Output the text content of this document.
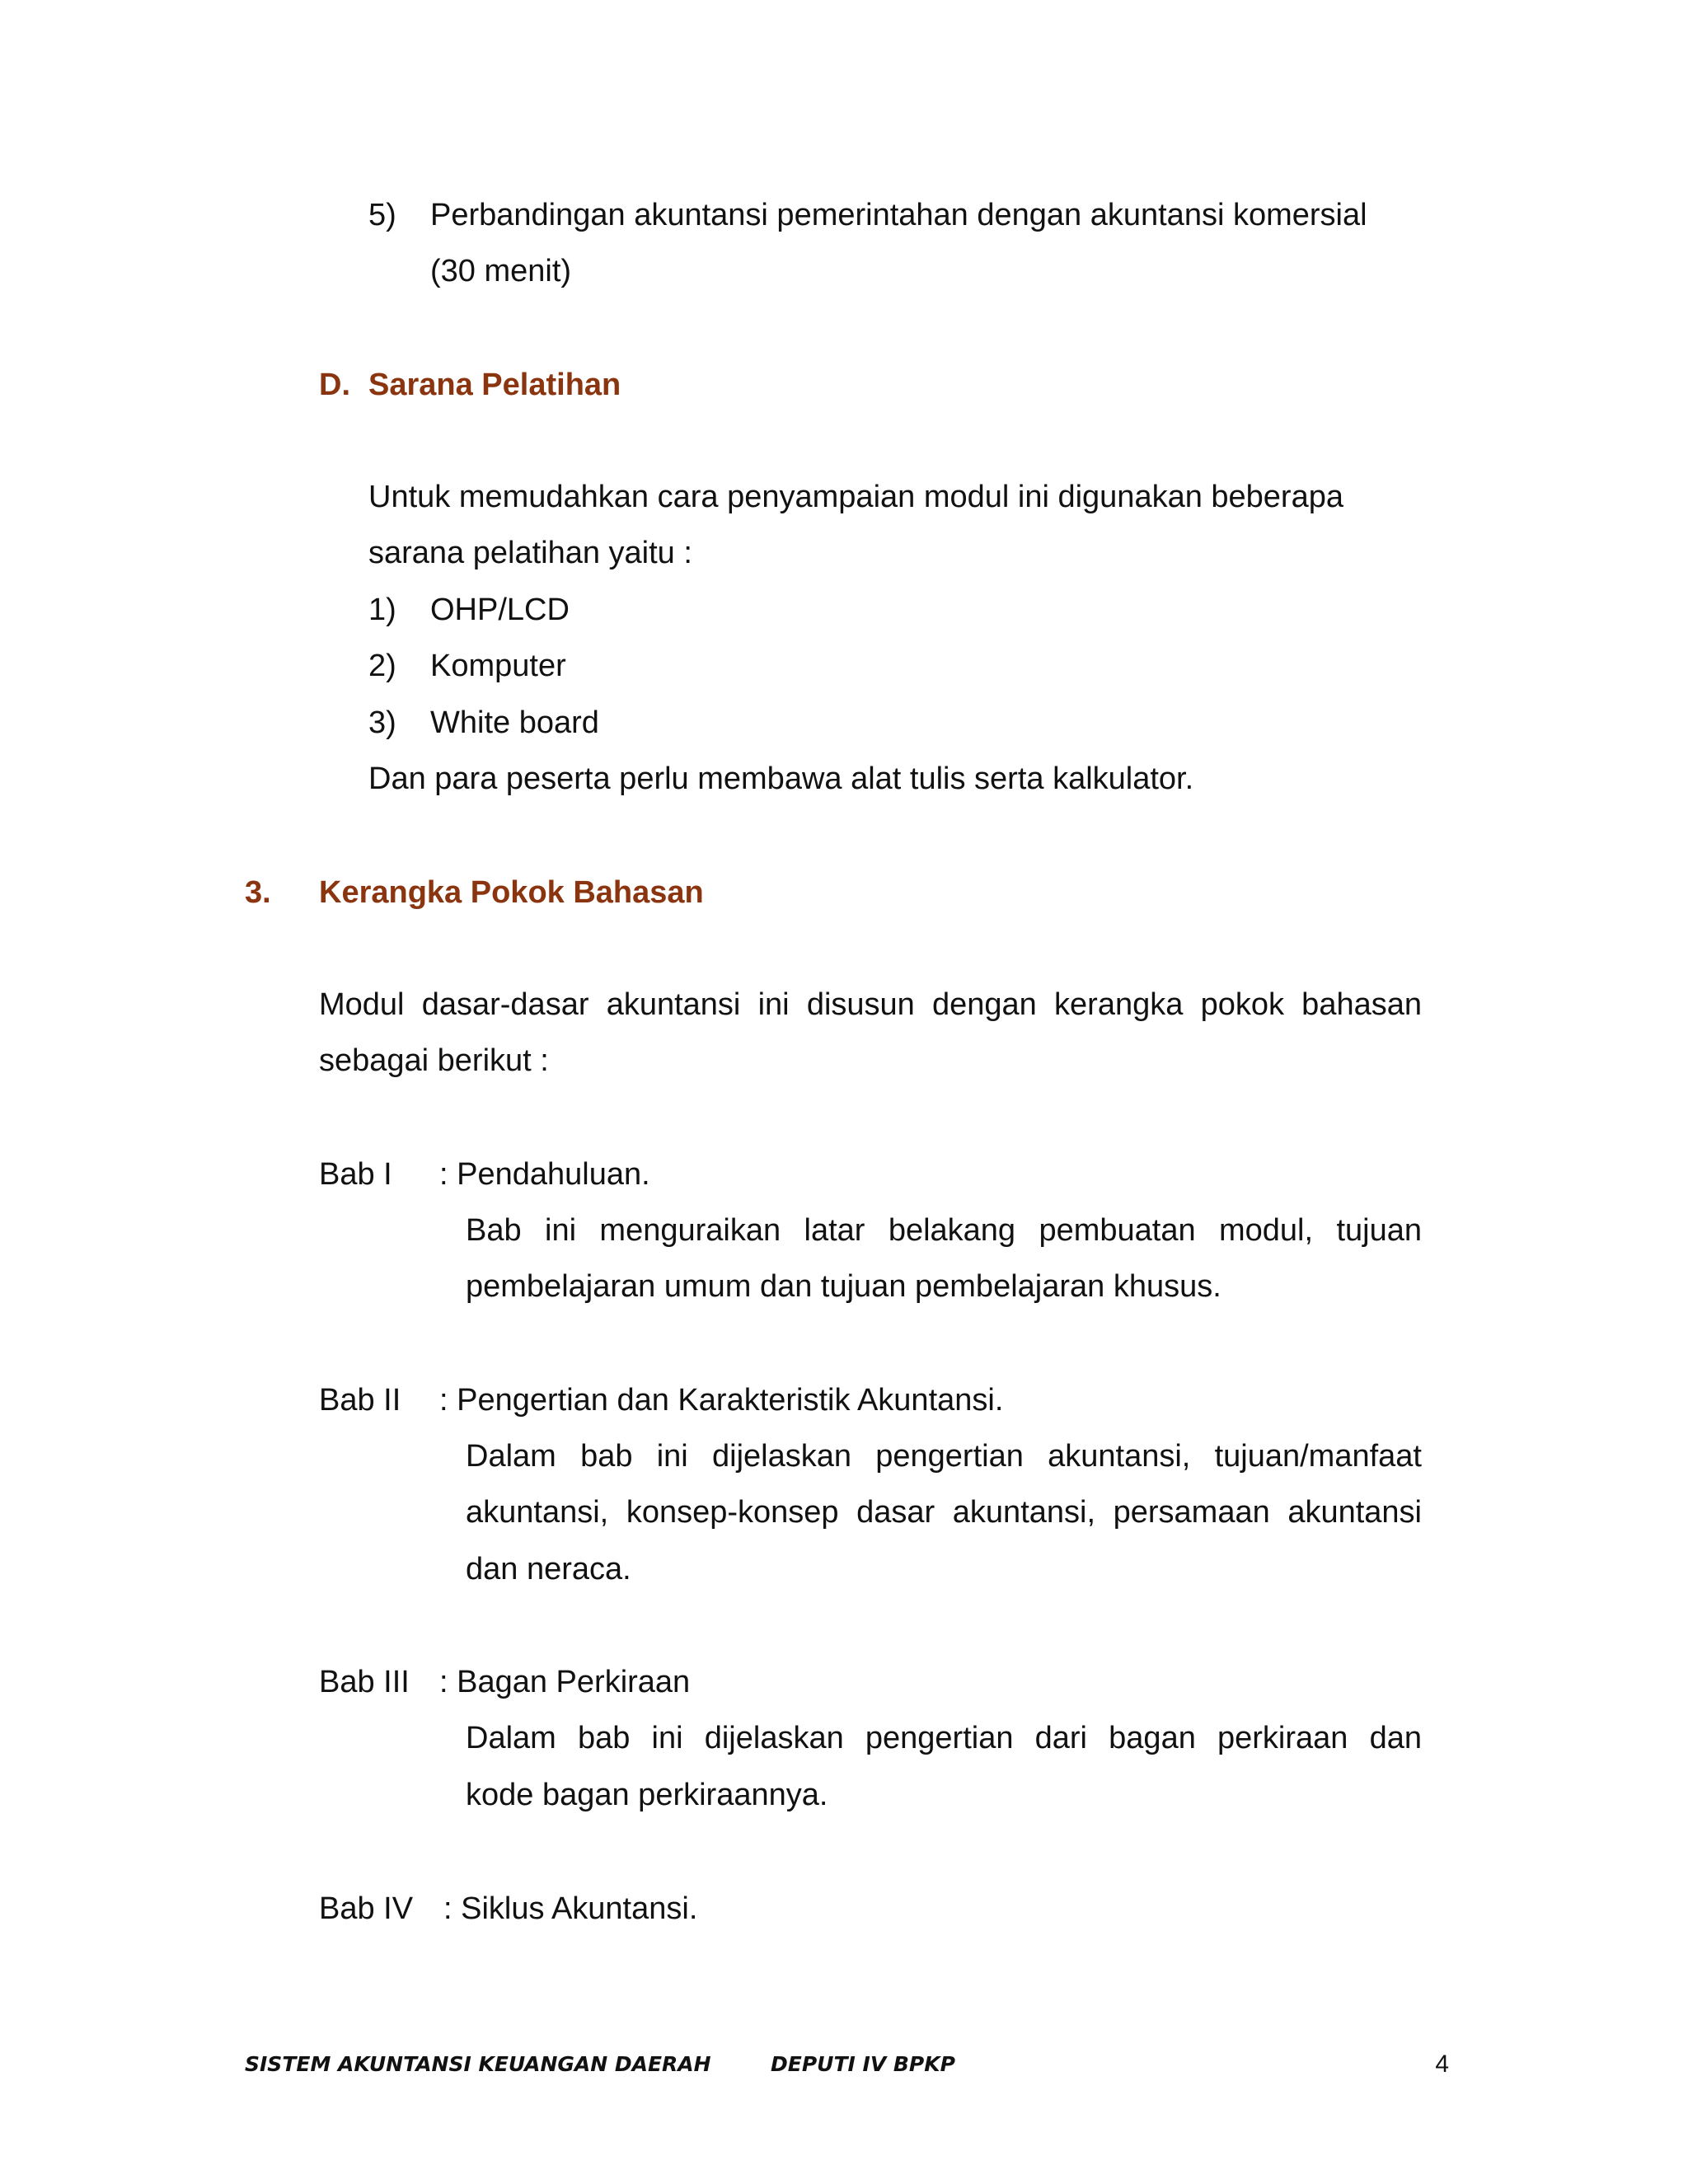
5) Perbandingan akuntansi pemerintahan dengan akuntansi komersial
(30 menit)
D. Sarana Pelatihan
Untuk memudahkan cara penyampaian modul ini digunakan beberapa
sarana pelatihan yaitu :
1) OHP/LCD
2) Komputer
3) White board
Dan para peserta perlu membawa alat tulis serta kalkulator.
3. Kerangka Pokok Bahasan
Modul dasar-dasar akuntansi ini disusun dengan kerangka pokok bahasan
sebagai berikut :
Bab I : Pendahuluan.
Bab ini menguraikan latar belakang pembuatan modul, tujuan
pembelajaran umum dan tujuan pembelajaran khusus.
Bab II : Pengertian dan Karakteristik Akuntansi.
Dalam bab ini dijelaskan pengertian akuntansi, tujuan/manfaat
akuntansi, konsep-konsep dasar akuntansi, persamaan akuntansi
dan neraca.
Bab III : Bagan Perkiraan
Dalam bab ini dijelaskan pengertian dari bagan perkiraan dan
kode bagan perkiraannya.
Bab IV : Siklus Akuntansi.
SISTEM AKUNTANSI KEUANGAN DAERAH	DEPUTI IV BPKP	4
